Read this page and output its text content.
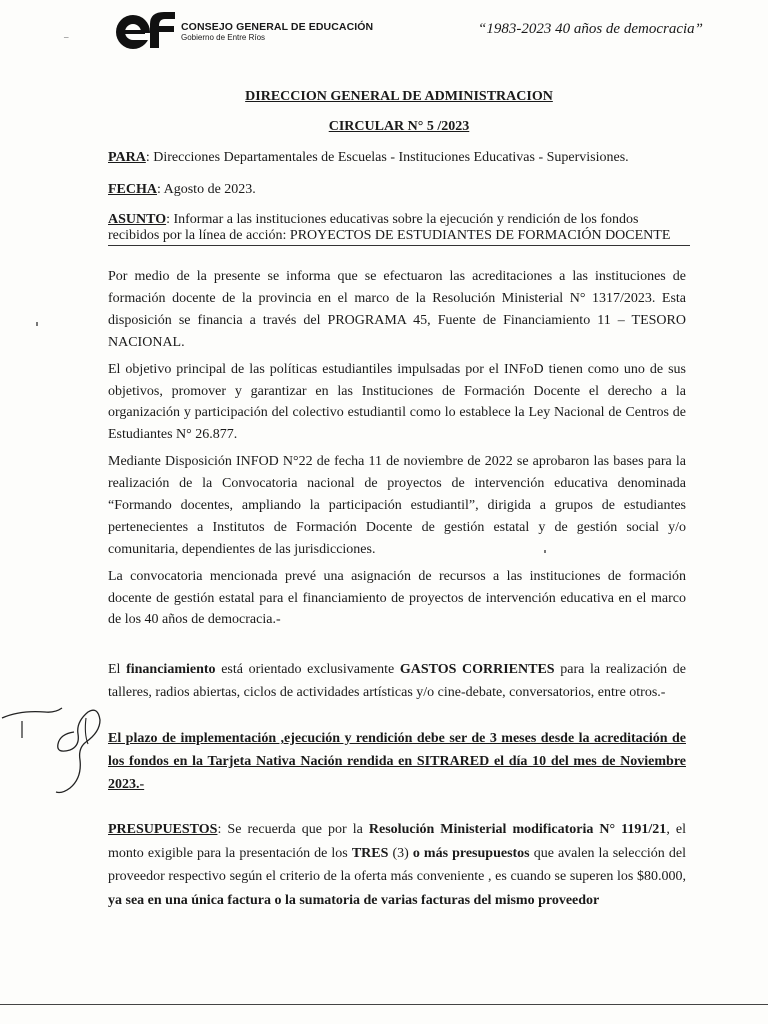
CONSEJO GENERAL DE EDUCACIÓN
Gobierno de Entre Ríos
“1983-2023 40 años de democracia”
–
DIRECCION GENERAL DE ADMINISTRACION
CIRCULAR N° 5 /2023
PARA: Direcciones Departamentales de Escuelas - Instituciones Educativas - Supervisiones.
FECHA: Agosto de 2023.
ASUNTO: Informar a las instituciones educativas sobre la ejecución y rendición de los fondos
recibidos por la línea de acción: PROYECTOS DE ESTUDIANTES DE FORMACIÓN DOCENTE
Por medio de la presente se informa que se efectuaron las acreditaciones a las instituciones de formación docente de la provincia en el marco de la Resolución Ministerial N° 1317/2023. Esta disposición se financia a través del PROGRAMA 45, Fuente de Financiamiento 11 – TESORO NACIONAL.
El objetivo principal de las políticas estudiantiles impulsadas por el INFoD tienen como uno de sus objetivos, promover y garantizar en las Instituciones de Formación Docente el derecho a la organización y participación del colectivo estudiantil como lo establece la Ley Nacional de Centros de Estudiantes N° 26.877.
Mediante Disposición INFOD N°22 de fecha 11 de noviembre de 2022 se aprobaron las bases para la realización de la Convocatoria nacional de proyectos de intervención educativa denominada “Formando docentes, ampliando la participación estudiantil”, dirigida a grupos de estudiantes pertenecientes a Institutos de Formación Docente de gestión estatal y de gestión social y/o comunitaria, dependientes de las jurisdicciones.
La convocatoria mencionada prevé una asignación de recursos a las instituciones de formación docente de gestión estatal para el financiamiento de proyectos de intervención educativa en el marco de los 40 años de democracia.-
El financiamiento está orientado exclusivamente GASTOS CORRIENTES para la realización de talleres, radios abiertas, ciclos de actividades artísticas y/o cine-debate, conversatorios, entre otros.-
El plazo de implementación ,ejecución y rendición debe ser de 3 meses desde la acreditación de los fondos en la Tarjeta Nativa Nación rendida en SITRARED el día 10 del mes de Noviembre 2023.-
PRESUPUESTOS: Se recuerda que por la Resolución Ministerial modificatoria N° 1191/21, el monto exigible para la presentación de los TRES (3) o más presupuestos que avalen la selección del proveedor respectivo según el criterio de la oferta más conveniente , es cuando se superen los $80.000, ya sea en una única factura o la sumatoria de varias facturas del mismo proveedor
